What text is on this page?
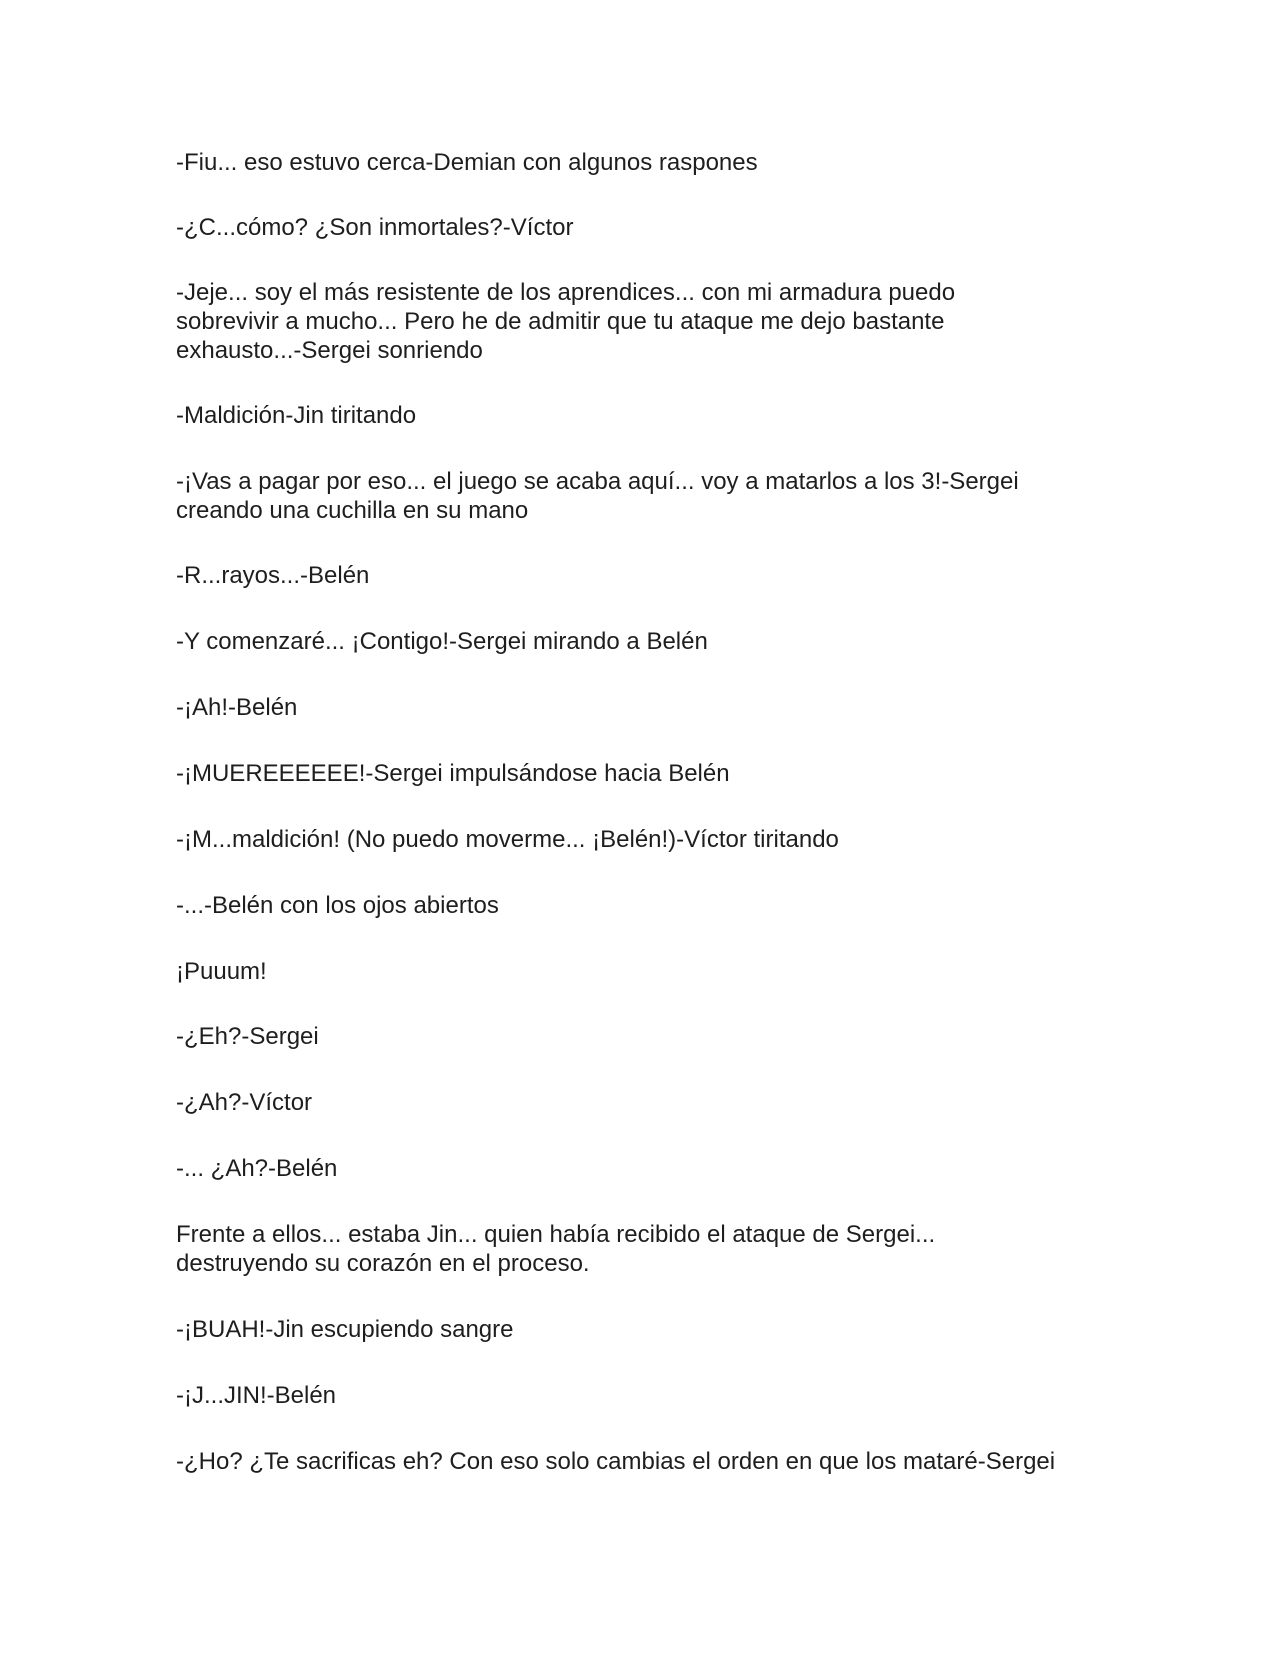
-Fiu... eso estuvo cerca-Demian con algunos raspones

-¿C...cómo? ¿Son inmortales?-Víctor

-Jeje... soy el más resistente de los aprendices... con mi armadura puedo
sobrevivir a mucho... Pero he de admitir que tu ataque me dejo bastante
exhausto...-Sergei sonriendo

-Maldición-Jin tiritando

-¡Vas a pagar por eso... el juego se acaba aquí... voy a matarlos a los 3!-Sergei
creando una cuchilla en su mano

-R...rayos...-Belén

-Y comenzaré... ¡Contigo!-Sergei mirando a Belén

-¡Ah!-Belén

-¡MUEREEEEEE!-Sergei impulsándose hacia Belén

-¡M...maldición! (No puedo moverme... ¡Belén!)-Víctor tiritando

-...-Belén con los ojos abiertos

¡Puuum!

-¿Eh?-Sergei

-¿Ah?-Víctor

-... ¿Ah?-Belén

Frente a ellos... estaba Jin... quien había recibido el ataque de Sergei...
destruyendo su corazón en el proceso.

-¡BUAH!-Jin escupiendo sangre

-¡J...JIN!-Belén

-¿Ho? ¿Te sacrificas eh? Con eso solo cambias el orden en que los mataré-Sergei
